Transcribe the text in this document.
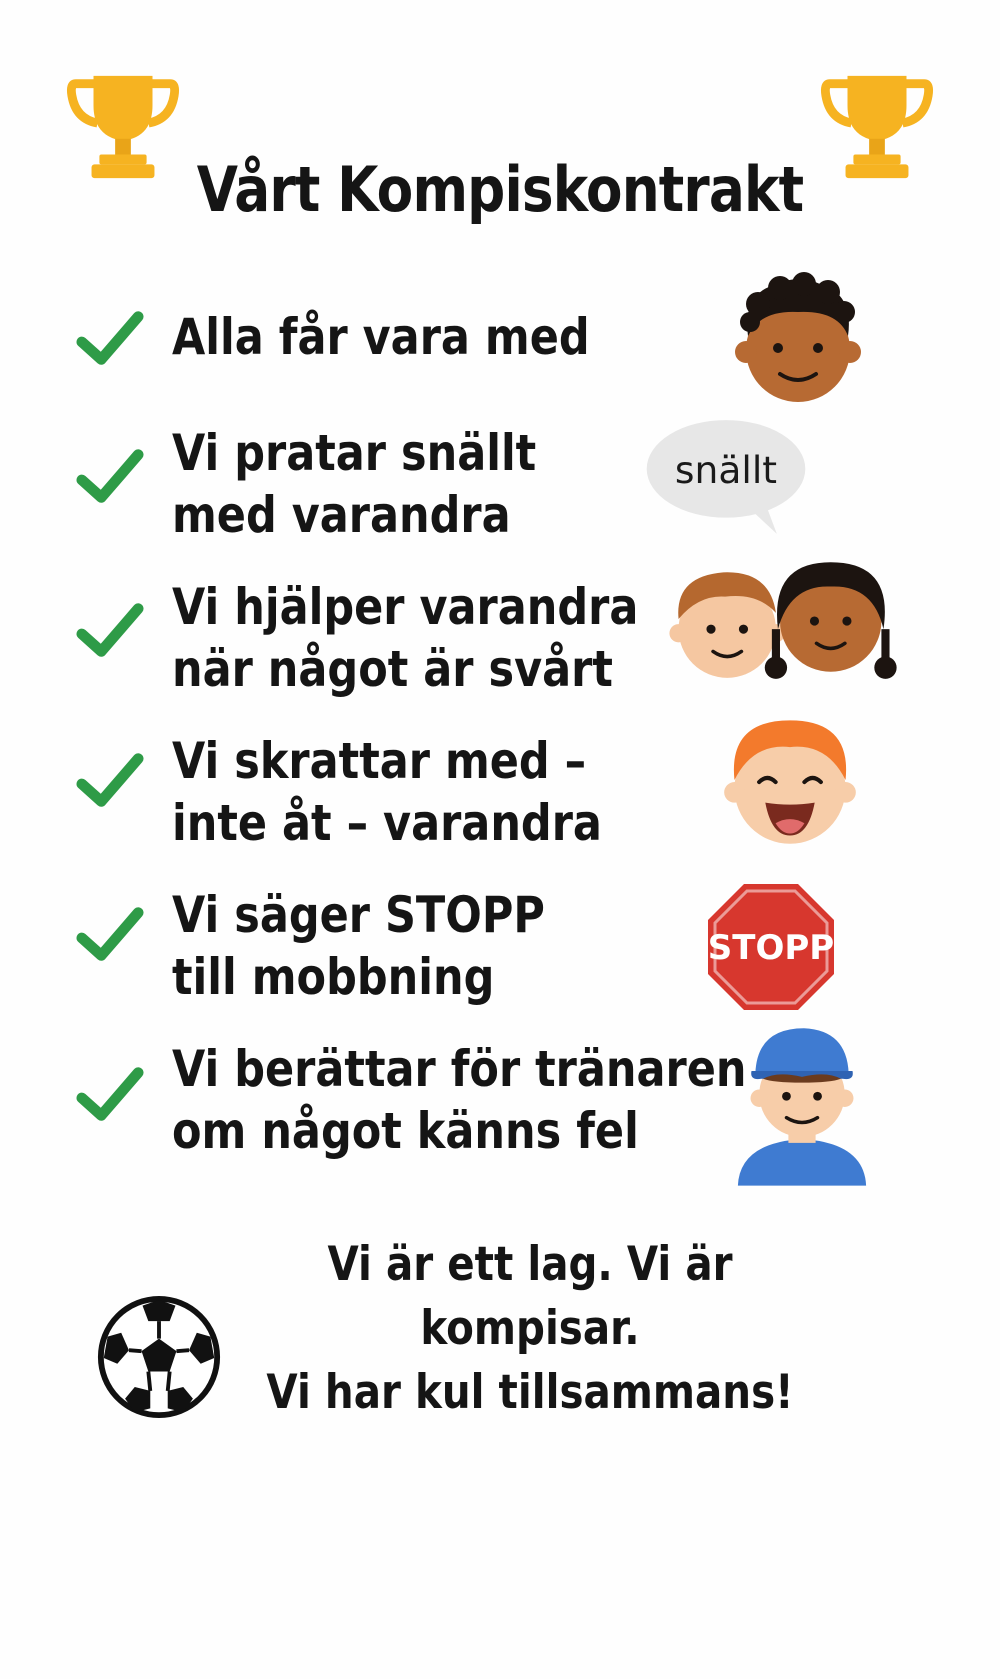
Vårt Kompiskontrakt
Alla får vara med
Vi pratar snällt
med varandra
snällt
Vi hjälper varandra
när något är svårt
Vi skrattar med –
inte åt – varandra
Vi säger STOPP
till mobbning	STOPP
Vi berättar för tränaren
om något känns fel
Vi är ett lag. Vi är kompisar.
Vi har kul tillsammans!
